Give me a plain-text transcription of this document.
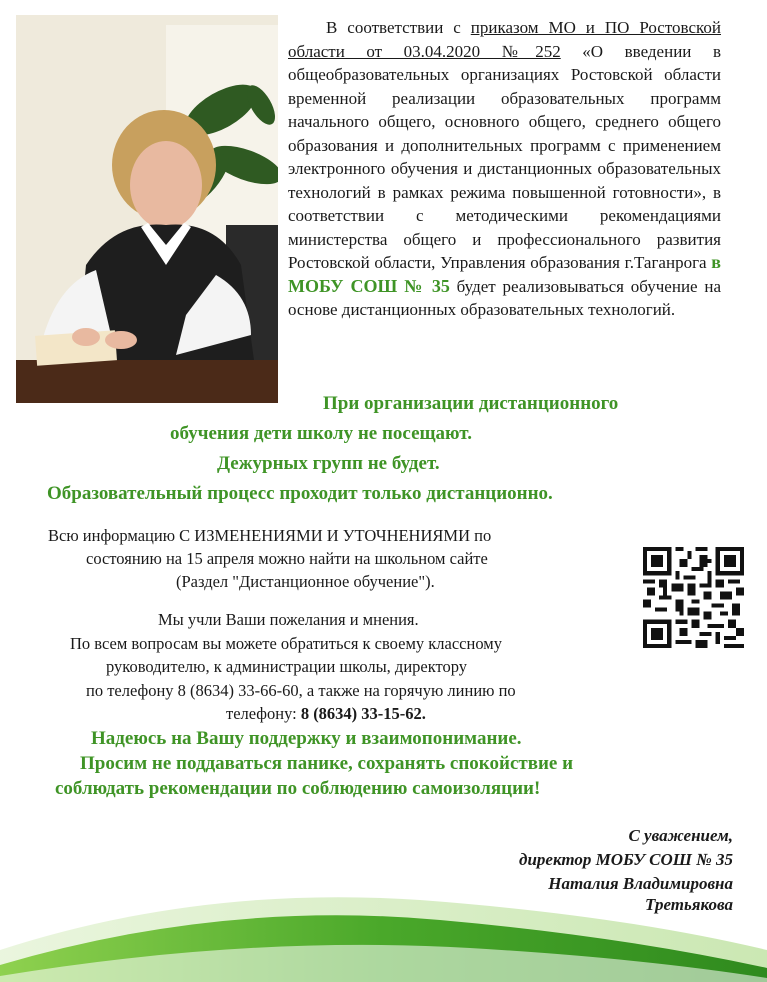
В соответствии с приказом МО и ПО Ростовской области от 03.04.2020 №252 «О введении в общеобразовательных организациях Ростовской области временной реализации образовательных программ начального общего, основного общего, среднего общего образования и дополнительных программ с применением электронного обучения и дистанционных образовательных технологий в рамках режима повышенной готовности», в соответствии с методическими рекомендациями министерства общего и профессионального развития Ростовской области, Управления образования г.Таганрога в МОБУ СОШ № 35 будет реализовываться обучение на основе дистанционных образовательных технологий.
При организации дистанционного
обучения дети школу не посещают.
Дежурных групп не будет.
Образовательный процесс проходит только дистанционно.
Всю информацию С ИЗМЕНЕНИЯМИ И УТОЧНЕНИЯМИ по
состоянию на 15 апреля можно найти на школьном сайте
(Раздел "Дистанционное обучение").
Мы учли Ваши пожелания и мнения.
По всем вопросам вы можете обратиться к своему классному
руководителю, к администрации школы, директору
по телефону 8 (8634) 33-66-60, а также на горячую линию по
телефону: 8 (8634) 33-15-62.
Надеюсь на Вашу поддержку и взаимопонимание.
Просим не поддаваться панике, сохранять спокойствие и
соблюдать рекомендации по соблюдению самоизоляции!
С уважением,
директор МОБУ СОШ № 35
Наталия Владимировна
Третьякова
